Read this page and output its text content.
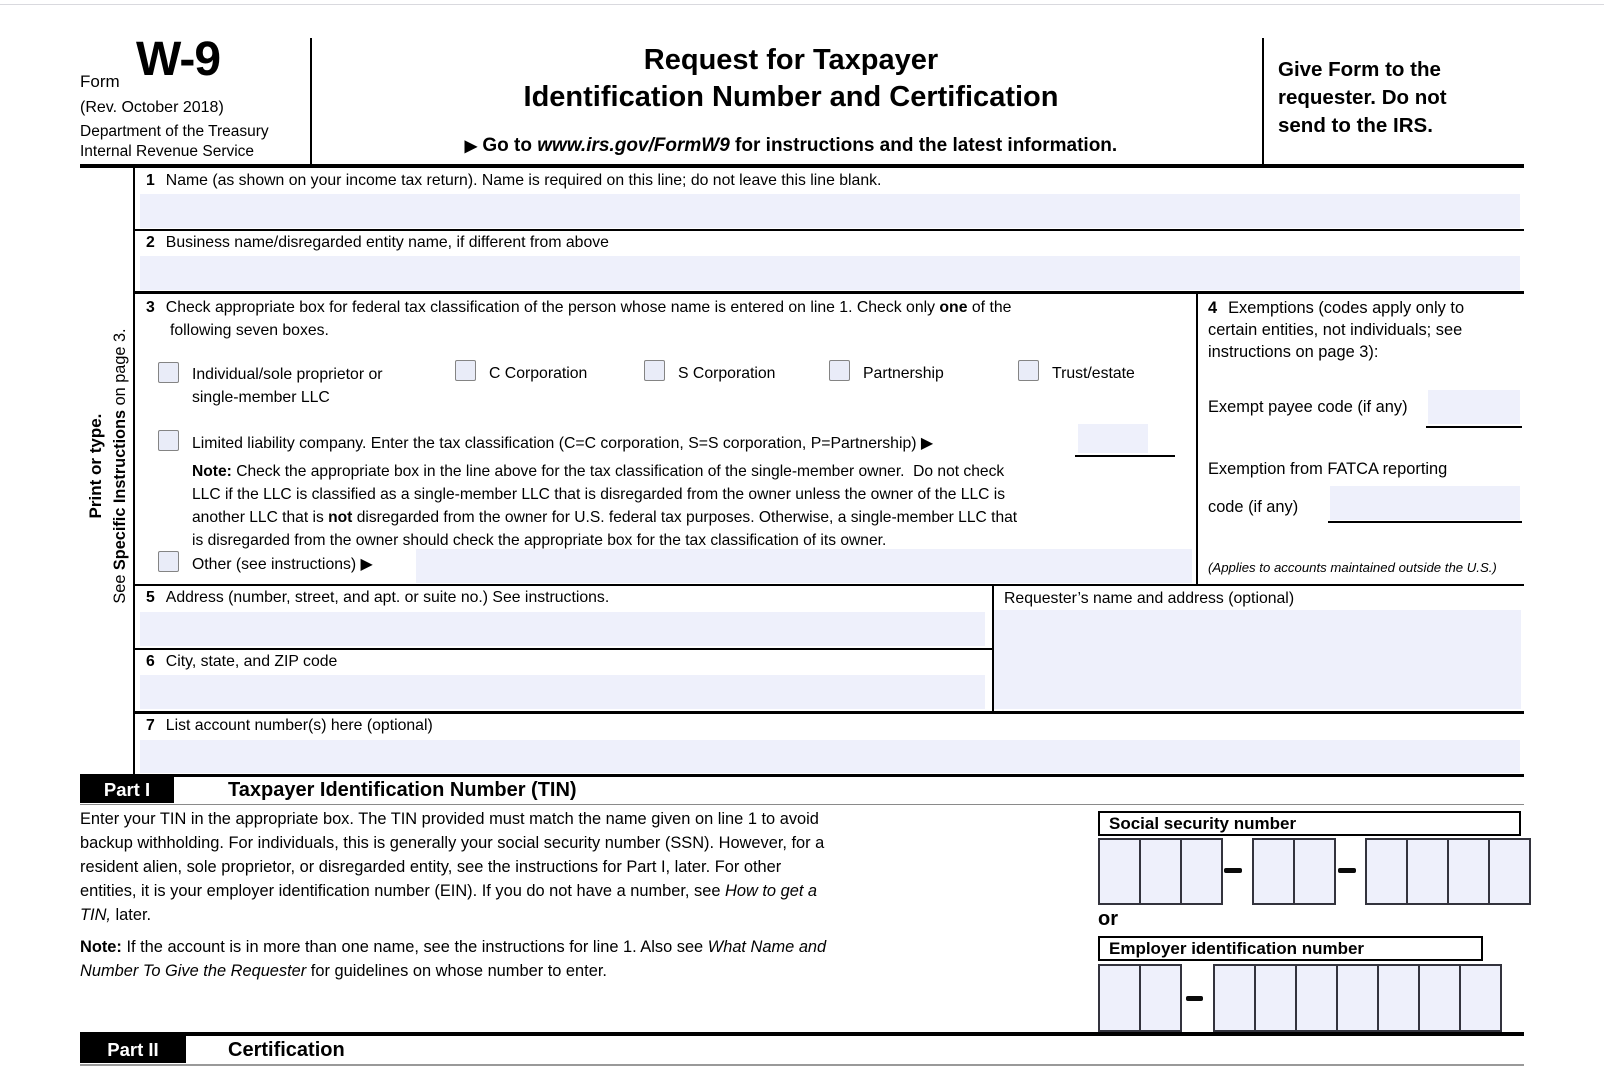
Form W-9
(Rev. October 2018)
Department of the Treasury
Internal Revenue Service
Request for Taxpayer
Identification Number and Certification
▶ Go to www.irs.gov/FormW9 for instructions and the latest information.
Give Form to the
requester. Do not
send to the IRS.
Print or type.
See Specific Instructions on page 3.
1 Name (as shown on your income tax return). Name is required on this line; do not leave this line blank.
2 Business name/disregarded entity name, if different from above
3 Check appropriate box for federal tax classification of the person whose name is entered on line 1. Check only one of the
following seven boxes.
Individual/sole proprietor or
single-member LLC
C Corporation	S Corporation	Partnership	Trust/estate
Limited liability company. Enter the tax classification (C=C corporation, S=S corporation, P=Partnership) ▶
Note: Check the appropriate box in the line above for the tax classification of the single-member owner.  Do not check
LLC if the LLC is classified as a single-member LLC that is disregarded from the owner unless the owner of the LLC is
another LLC that is not disregarded from the owner for U.S. federal tax purposes. Otherwise, a single-member LLC that
is disregarded from the owner should check the appropriate box for the tax classification of its owner.
Other (see instructions) ▶
4 Exemptions (codes apply only to
certain entities, not individuals; see
instructions on page 3):
Exempt payee code (if any)
Exemption from FATCA reporting
code (if any)
(Applies to accounts maintained outside the U.S.)
5 Address (number, street, and apt. or suite no.) See instructions.
6 City, state, and ZIP code
Requester’s name and address (optional)
7 List account number(s) here (optional)
Part I	Taxpayer Identification Number (TIN)
Enter your TIN in the appropriate box. The TIN provided must match the name given on line 1 to avoid
backup withholding. For individuals, this is generally your social security number (SSN). However, for a
resident alien, sole proprietor, or disregarded entity, see the instructions for Part I, later. For other
entities, it is your employer identification number (EIN). If you do not have a number, see How to get a
TIN, later.
Note: If the account is in more than one name, see the instructions for line 1. Also see What Name and
Number To Give the Requester for guidelines on whose number to enter.
Social security number
or
Employer identification number
Part II	Certification
